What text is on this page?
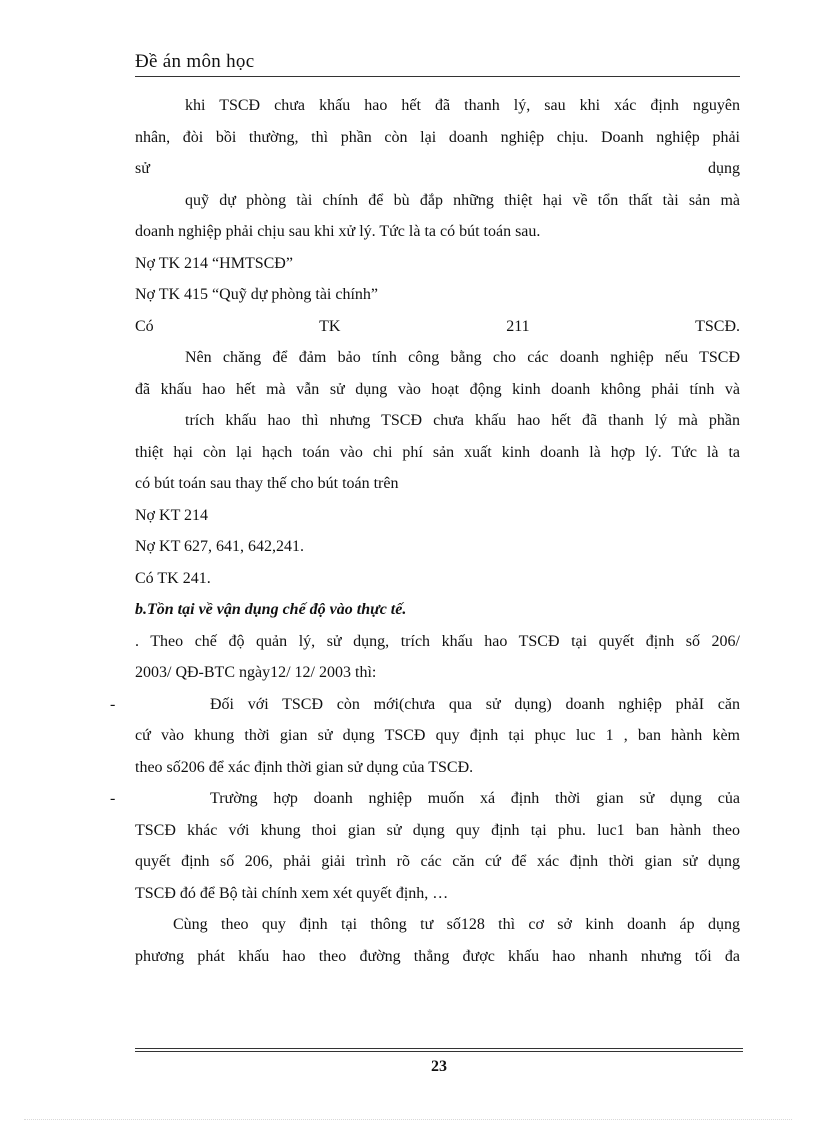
Đề án môn học
khi TSCĐ chưa khấu hao hết đã thanh lý, sau khi xác định nguyên
nhân, đòi bồi thường, thì phần còn lại doanh nghiệp chịu. Doanh nghiệp phải
sử	dụng
quỹ dự phòng tài chính để bù đắp những thiệt hại về tổn thất tài sản mà
doanh nghiệp phải chịu sau khi xử lý. Tức là ta có bút toán sau.
Nợ TK 214 “HMTSCĐ”
Nợ TK 415 “Quỹ dự phòng tài chính”
Có	TK	211	TSCĐ.
Nên chăng để đảm bảo tính công bằng cho các doanh nghiệp nếu TSCĐ
đã khấu hao hết mà vẫn sử dụng vào hoạt động kinh doanh không phải tính và
trích khấu hao thì nhưng TSCĐ chưa khấu hao hết đã thanh lý mà phần
thiệt hại còn lại hạch toán vào chi phí sản xuất kinh doanh là hợp lý. Tức là ta
có bút toán sau thay thế cho bút toán trên
Nợ KT 214
Nợ KT 627, 641, 642,241.
Có TK 241.
b.Tồn tại về vận dụng chế độ vào thực tế.
. Theo chế độ quản lý, sử dụng, trích khấu hao TSCĐ tại quyết định số 206/
2003/ QĐ-BTC ngày12/ 12/ 2003 thì:
-	Đối với TSCĐ còn mới(chưa qua sử dụng) doanh nghiệp phảI căn
cứ vào khung thời gian sử dụng TSCĐ quy định tại phục luc 1 , ban hành kèm
theo số206 để xác định thời gian sử dụng của TSCĐ.
-	Trường hợp doanh nghiệp muốn xá định thời gian sử dụng của
TSCĐ khác với khung thoi gian sử dụng quy định tại phu. luc1 ban hành theo
quyết định số 206, phải giải trình rõ các căn cứ để xác định thời gian sử dụng
TSCĐ đó để Bộ tài chính xem xét quyết định, …
Cùng theo quy định tại thông tư số128 thì cơ sở kinh doanh áp dụng
phương phát khấu hao theo đường thẳng được khấu hao nhanh nhưng tối đa
23
